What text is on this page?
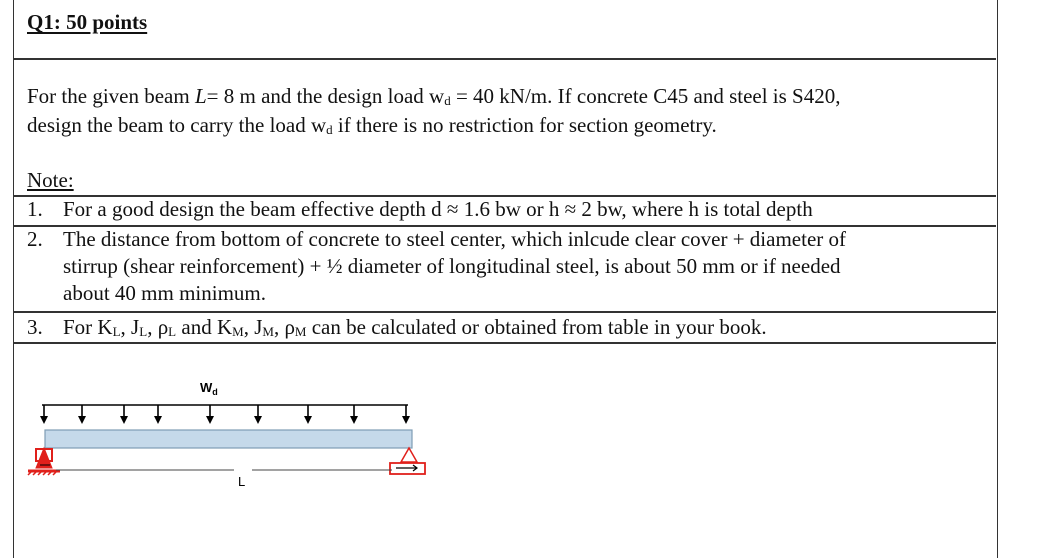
Q1: 50 points
For the given beam L= 8 m and the design load $w_d = 40$ kN/m. If concrete C45 and steel is S420,
design the beam to carry the load $w_d$ if there is no restriction for section geometry.
Note:
1. For a good design the beam effective depth d ≈ 1.6 bw or h ≈ 2 bw, where h is total depth
2. The distance from bottom of concrete to steel center, which inlcude clear cover + diameter of
stirrup (shear reinforcement) + ½ diameter of longitudinal steel, is about 50 mm or if needed
about 40 mm minimum.
3. For $K_L$, $J_L$, $\rho_L$ and $K_M$, $J_M$, $\rho_M$ can be calculated or obtained from table in your book.
$W_d$
L
